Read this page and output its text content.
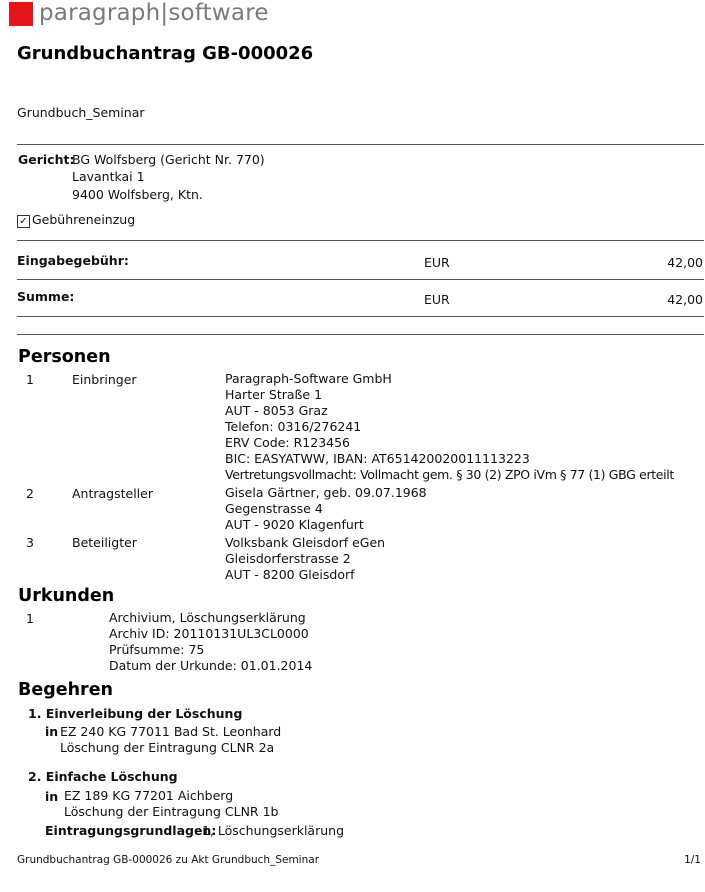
paragraph|software
Grundbuchantrag GB-000026
Grundbuch_Seminar
Gericht:
BG Wolfsberg (Gericht Nr. 770)
Lavantkai 1
9400 Wolfsberg, Ktn.
✓ Gebühreneinzug
Eingabegebühr:	EUR	42,00
Summe:	EUR	42,00
Personen
1	Einbringer	Paragraph-Software GmbH
Harter Straße 1
AUT - 8053 Graz
Telefon: 0316/276241
ERV Code: R123456
BIC: EASYATWW, IBAN: AT651420020011113223
Vertretungsvollmacht: Vollmacht gem. § 30 (2) ZPO iVm § 77 (1) GBG erteilt
2	Antragsteller	Gisela Gärtner, geb. 09.07.1968
Gegenstrasse 4
AUT - 9020 Klagenfurt
3	Beteiligter	Volksbank Gleisdorf eGen
Gleisdorferstrasse 2
AUT - 8200 Gleisdorf
Urkunden
1	Archivium, Löschungserklärung
Archiv ID: 20110131UL3CL0000
Prüfsumme: 75
Datum der Urkunde: 01.01.2014
Begehren
1. Einverleibung der Löschung
in EZ 240 KG 77011 Bad St. Leonhard
Löschung der Eintragung CLNR 2a
2. Einfache Löschung
in EZ 189 KG 77201 Aichberg
Löschung der Eintragung CLNR 1b
Eintragungsgrundlagen:
1, Löschungserklärung
Grundbuchantrag GB-000026 zu Akt Grundbuch_Seminar	1/1
